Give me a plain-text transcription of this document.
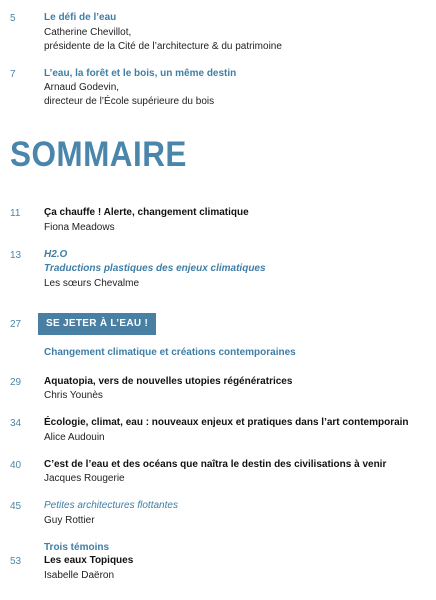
5	Le défi de l’eau
Catherine Chevillot,
présidente de la Cité de l’architecture & du patrimoine
7	L’eau, la forêt et le bois, un même destin
Arnaud Godevin,
directeur de l’École supérieure du bois
SOMMAIRE
11 Ça chauffe ! Alerte, changement climatique
Fiona Meadows
13 H2.O
Traductions plastiques des enjeux climatiques
Les sœurs Chevalme
27	SE JETER À L’EAU !
Changement climatique et créations contemporaines
29 Aquatopia, vers de nouvelles utopies régénératrices
Chris Younès
34 Écologie, climat, eau : nouveaux enjeux et pratiques dans l’art contemporain
Alice Audouin
40 C’est de l’eau et des océans que naîtra le destin des civilisations à venir
Jacques Rougerie
45 Petites architectures flottantes
Guy Rottier
Trois témoins
53 Les eaux Topiques
Isabelle Daëron
